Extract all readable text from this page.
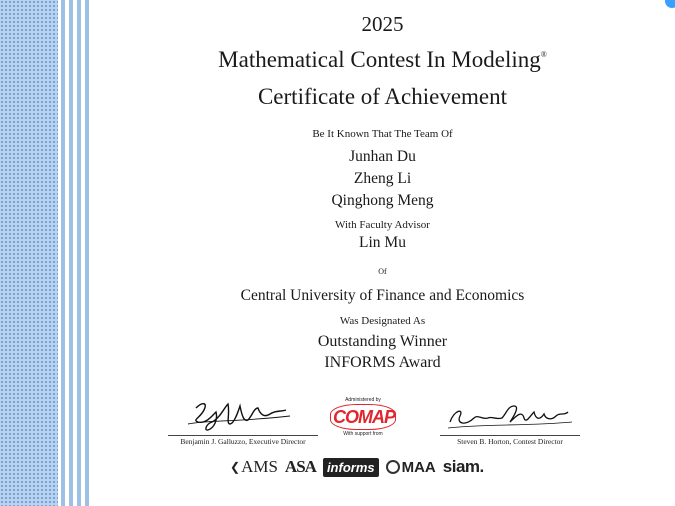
2025

Mathematical Contest In Modeling®

Certificate of Achievement

Be It Known That The Team Of

Junhan Du

Zheng Li

Qinghong Meng

With Faculty Advisor

Lin Mu

Of

Central University of Finance and Economics

Was Designated As

Outstanding Winner

INFORMS Award

Benjamin J. Galluzzo, Executive Director
Administered by
COMAP
With support from
Steven B. Horton, Contest Director
❮ AMS ASA informs MAA siam.
